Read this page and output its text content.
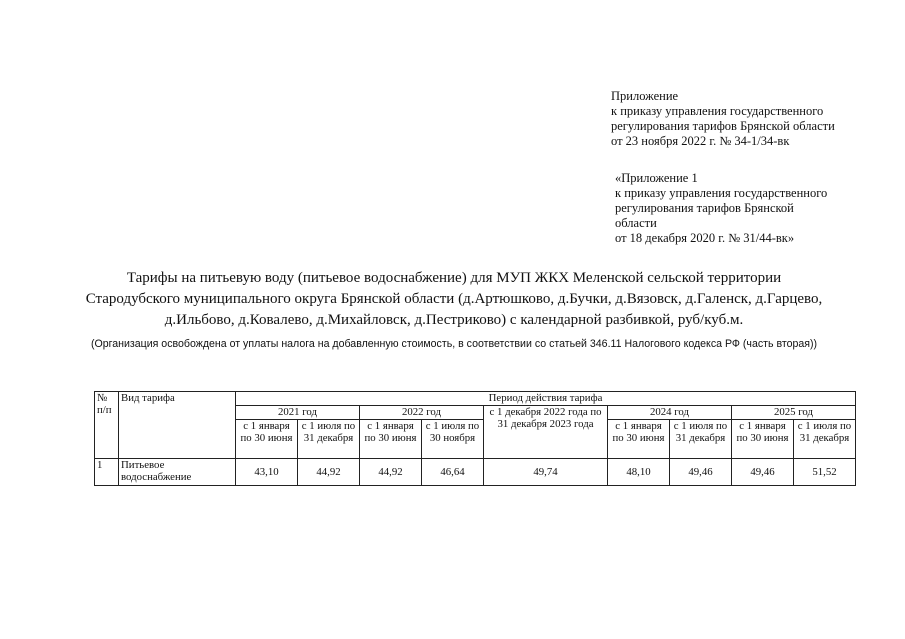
Приложение
к приказу управления государственного
регулирования тарифов Брянской области
от 23 ноября 2022 г. № 34-1/34-вк
«Приложение 1
к приказу управления государственного
регулирования тарифов Брянской
области
от 18 декабря 2020 г. № 31/44-вк»
Тарифы на питьевую воду (питьевое водоснабжение) для МУП ЖКХ Меленской сельской территории
Стародубского муниципального округа Брянской области (д.Артюшково, д.Бучки, д.Вязовск, д.Галенск, д.Гарцево,
д.Ильбово, д.Ковалево, д.Михайловск, д.Пестриково) с календарной разбивкой, руб/куб.м.
(Организация освобождена от уплаты налога на добавленную стоимость, в соответствии со статьей 346.11 Налогового кодекса РФ (часть вторая))
№ п/п	Вид тарифа	Период действия тарифа								
		2021 год		2022 год		с 1 декабря 2022 года по 31 декабря 2023 года	2024 год		2025 год	
		с 1 января по 30 июня	с 1 июля по 31 декабря	с 1 января по 30 июня	с 1 июля по 30 ноября		с 1 января по 30 июня	с 1 июля по 31 декабря	с 1 января по 30 июня	с 1 июля по 31 декабря
1	Питьевое водоснабжение	43,10	44,92	44,92	46,64	49,74	48,10	49,46	49,46	51,52
